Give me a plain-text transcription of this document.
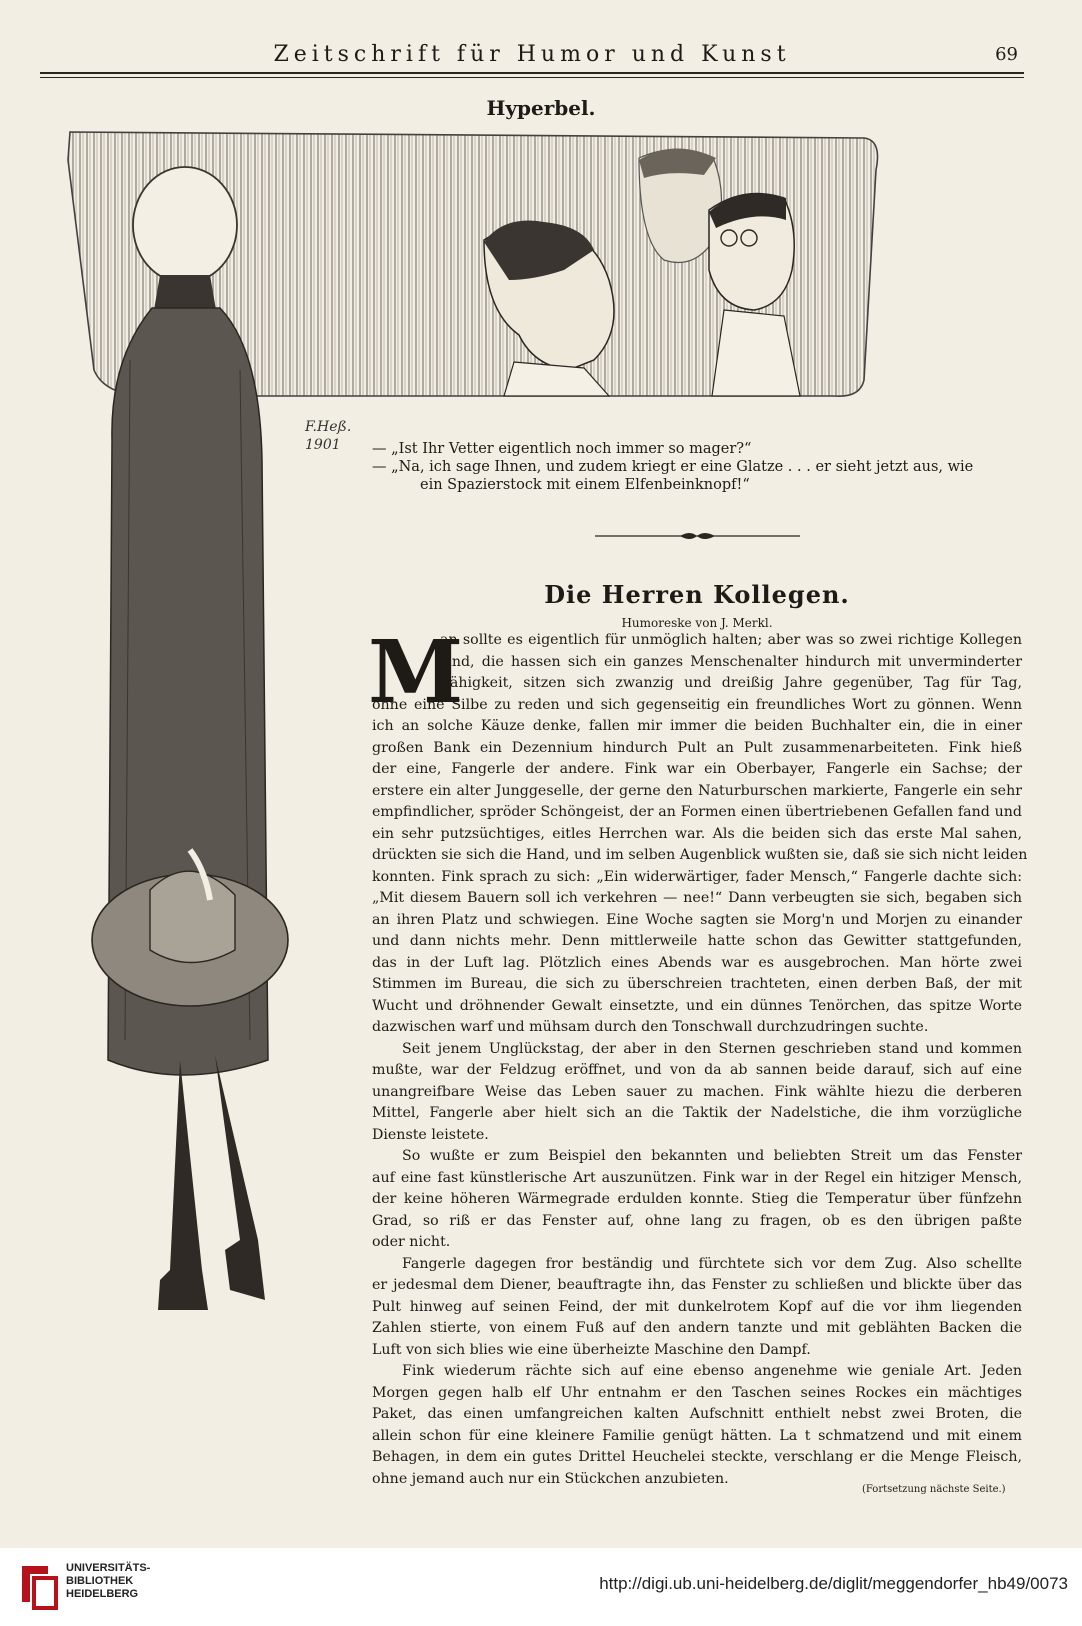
Zeitschrift für Humor und Kunst	69
Hyperbel.
F.Heß.
1901	— „Ist Ihr Vetter eigentlich noch immer so mager?“
— „Na, ich sage Ihnen, und zudem kriegt er eine Glatze . . . er sieht jetzt aus, wie
ein Spazierstock mit einem Elfenbeinknopf!“
Die Herren Kollegen.
Humoreske von J. Merkl.
M
an sollte es eigentlich für unmöglich halten; aber was so zwei richtige Kollegen
sind, die hassen sich ein ganzes Menschenalter hindurch mit unverminderter
Zähigkeit, sitzen sich zwanzig und dreißig Jahre gegenüber, Tag für Tag,
ohne eine Silbe zu reden und sich gegenseitig ein freundliches Wort zu gönnen. Wenn
ich an solche Käuze denke, fallen mir immer die beiden Buchhalter ein, die in einer
großen Bank ein Dezennium hindurch Pult an Pult zusammenarbeiteten. Fink hieß
der eine, Fangerle der andere. Fink war ein Oberbayer, Fangerle ein Sachse; der
erstere ein alter Junggeselle, der gerne den Naturburschen markierte, Fangerle ein sehr
empfindlicher, spröder Schöngeist, der an Formen einen übertriebenen Gefallen fand und
ein sehr putzsüchtiges, eitles Herrchen war. Als die beiden sich das erste Mal sahen,
drückten sie sich die Hand, und im selben Augenblick wußten sie, daß sie sich nicht leiden
konnten. Fink sprach zu sich: „Ein widerwärtiger, fader Mensch,“ Fangerle dachte sich:
„Mit diesem Bauern soll ich verkehren — nee!“ Dann verbeugten sie sich, begaben sich
an ihren Platz und schwiegen. Eine Woche sagten sie Morg'n und Morjen zu einander
und dann nichts mehr. Denn mittlerweile hatte schon das Gewitter stattgefunden,
das in der Luft lag. Plötzlich eines Abends war es ausgebrochen. Man hörte zwei
Stimmen im Bureau, die sich zu überschreien trachteten, einen derben Baß, der mit
Wucht und dröhnender Gewalt einsetzte, und ein dünnes Tenörchen, das spitze Worte
dazwischen warf und mühsam durch den Tonschwall durchzudringen suchte.
Seit jenem Unglückstag, der aber in den Sternen geschrieben stand und kommen
mußte, war der Feldzug eröffnet, und von da ab sannen beide darauf, sich auf eine
unangreifbare Weise das Leben sauer zu machen. Fink wählte hiezu die derberen
Mittel, Fangerle aber hielt sich an die Taktik der Nadelstiche, die ihm vorzügliche
Dienste leistete.
So wußte er zum Beispiel den bekannten und beliebten Streit um das Fenster
auf eine fast künstlerische Art auszunützen. Fink war in der Regel ein hitziger Mensch,
der keine höheren Wärmegrade erdulden konnte. Stieg die Temperatur über fünfzehn
Grad, so riß er das Fenster auf, ohne lang zu fragen, ob es den übrigen paßte
oder nicht.
Fangerle dagegen fror beständig und fürchtete sich vor dem Zug. Also schellte
er jedesmal dem Diener, beauftragte ihn, das Fenster zu schließen und blickte über das
Pult hinweg auf seinen Feind, der mit dunkelrotem Kopf auf die vor ihm liegenden
Zahlen stierte, von einem Fuß auf den andern tanzte und mit geblähten Backen die
Luft von sich blies wie eine überheizte Maschine den Dampf.
Fink wiederum rächte sich auf eine ebenso angenehme wie geniale Art. Jeden
Morgen gegen halb elf Uhr entnahm er den Taschen seines Rockes ein mächtiges
Paket, das einen umfangreichen kalten Aufschnitt enthielt nebst zwei Broten, die
allein schon für eine kleinere Familie genügt hätten. La t schmatzend und mit einem
Behagen, in dem ein gutes Drittel Heuchelei steckte, verschlang er die Menge Fleisch,
ohne jemand auch nur ein Stückchen anzubieten.
(Fortsetzung nächste Seite.)
UNIVERSITÄTS-
BIBLIOTHEK
HEIDELBERG
http://digi.ub.uni-heidelberg.de/diglit/meggendorfer_hb49/0073
